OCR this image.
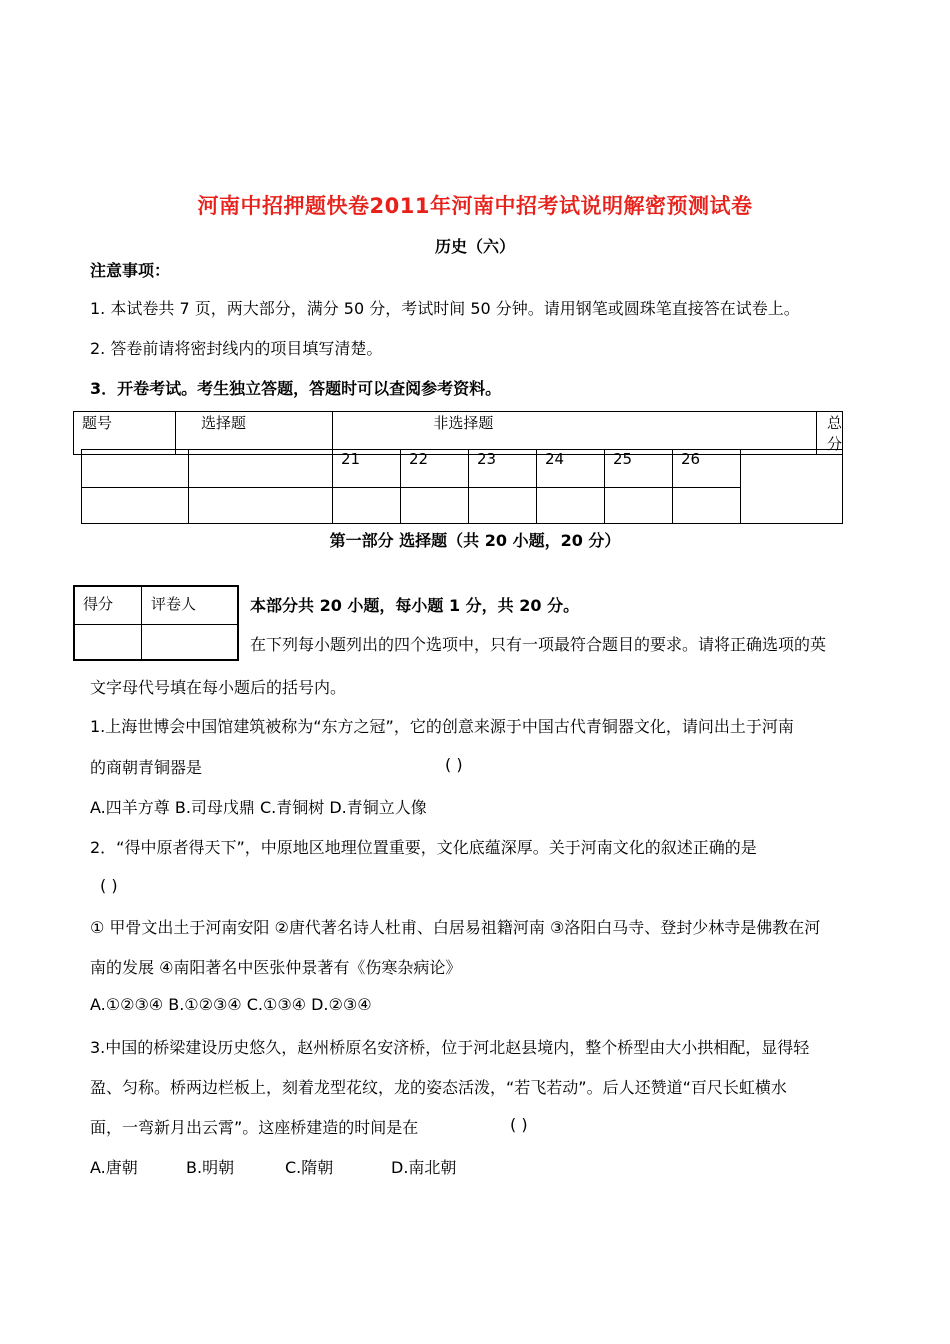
河南中招押题快卷2011年河南中招考试说明解密预测试卷
历史（六）
注意事项：
1. 本试卷共 7 页，两大部分，满分 50 分，考试时间 50 分钟。请用钢笔或圆珠笔直接答在试卷上。
2. 答卷前请将密封线内的项目填写清楚。
3．开卷考试。考生独立答题，答题时可以查阅参考资料。
题号	选择题	非选择题	总分
		21	22	23	24	25	26	

第一部分 选择题（共 20 小题，20 分）
得分	评卷人	本部分共 20 小题，每小题 1 分，共 20 分。
在下列每小题列出的四个选项中，只有一项最符合题目的要求。请将正确选项的英
文字母代号填在每小题后的括号内。
1.上海世博会中国馆建筑被称为“东方之冠”，它的创意来源于中国古代青铜器文化，请问出土于河南
的商朝青铜器是	( )
A.四羊方尊 B.司母戊鼎 C.青铜树 D.青铜立人像
2．“得中原者得天下”，中原地区地理位置重要，文化底蕴深厚。关于河南文化的叙述正确的是
( )
① 甲骨文出土于河南安阳 ②唐代著名诗人杜甫、白居易祖籍河南 ③洛阳白马寺、登封少林寺是佛教在河
南的发展 ④南阳著名中医张仲景著有《伤寒杂病论》
A.①②③④ B.①②③④ C.①③④ D.②③④
3.中国的桥梁建设历史悠久，赵州桥原名安济桥，位于河北赵县境内，整个桥型由大小拱相配，显得轻
盈、匀称。桥两边栏板上，刻着龙型花纹，龙的姿态活泼，“若飞若动”。后人还赞道“百尺长虹横水
面，一弯新月出云霄”。这座桥建造的时间是在	( )
A.唐朝	B.明朝	C.隋朝	D.南北朝
